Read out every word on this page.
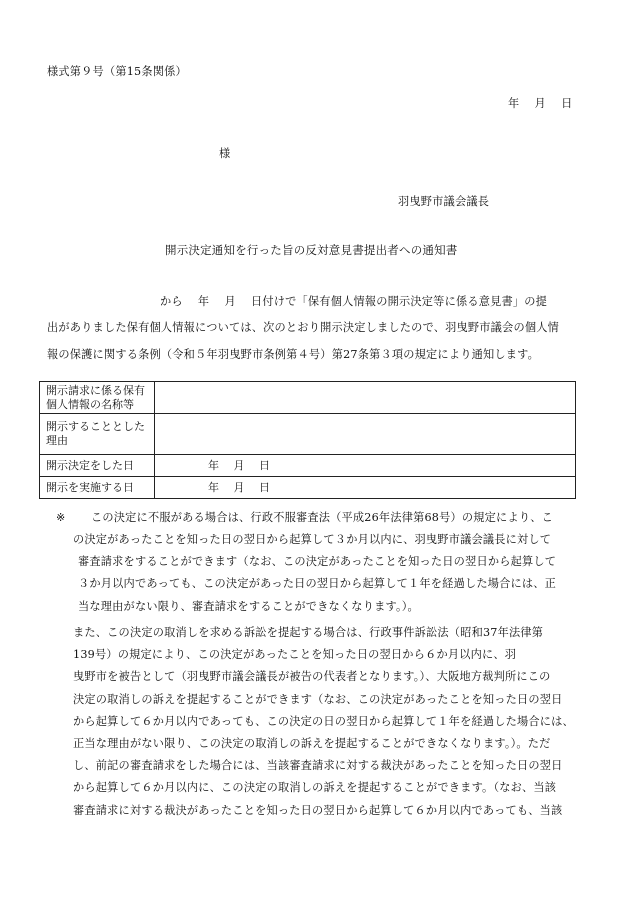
様式第９号（第15条関係）
年　 月　 日
様
羽曳野市議会議長
開示決定通知を行った旨の反対意見書提出者への通知書
から　 年　 月　 日付けで「保有個人情報の開示決定等に係る意見書」の提
出がありました保有個人情報については、次のとおり開示決定しましたので、羽曳野市議会の個人情
報の保護に関する条例（令和５年羽曳野市条例第４号）第27条第３項の規定により通知します。
開示請求に係る保有個人情報の名称等	
開示することとした理由	
開示決定をした日	年　 月　 日
開示を実施する日	年　 月　 日
※ この決定に不服がある場合は、行政不服審査法（平成26年法律第68号）の規定により、こ
の決定があったことを知った日の翌日から起算して３か月以内に、羽曳野市議会議長に対して
審査請求をすることができます（なお、この決定があったことを知った日の翌日から起算して
３か月以内であっても、この決定があった日の翌日から起算して１年を経過した場合には、正
当な理由がない限り、審査請求をすることができなくなります。）。
また、この決定の取消しを求める訴訟を提起する場合は、行政事件訴訟法（昭和37年法律第
139号）の規定により、この決定があったことを知った日の翌日から６か月以内に、羽
曳野市を被告として（羽曳野市議会議長が被告の代表者となります。）、大阪地方裁判所にこの
決定の取消しの訴えを提起することができます（なお、この決定があったことを知った日の翌日
から起算して６か月以内であっても、この決定の日の翌日から起算して１年を経過した場合には、
正当な理由がない限り、この決定の取消しの訴えを提起することができなくなります。）。ただ
し、前記の審査請求をした場合には、当該審査請求に対する裁決があったことを知った日の翌日
から起算して６か月以内に、この決定の取消しの訴えを提起することができます。（なお、当該
審査請求に対する裁決があったことを知った日の翌日から起算して６か月以内であっても、当該
